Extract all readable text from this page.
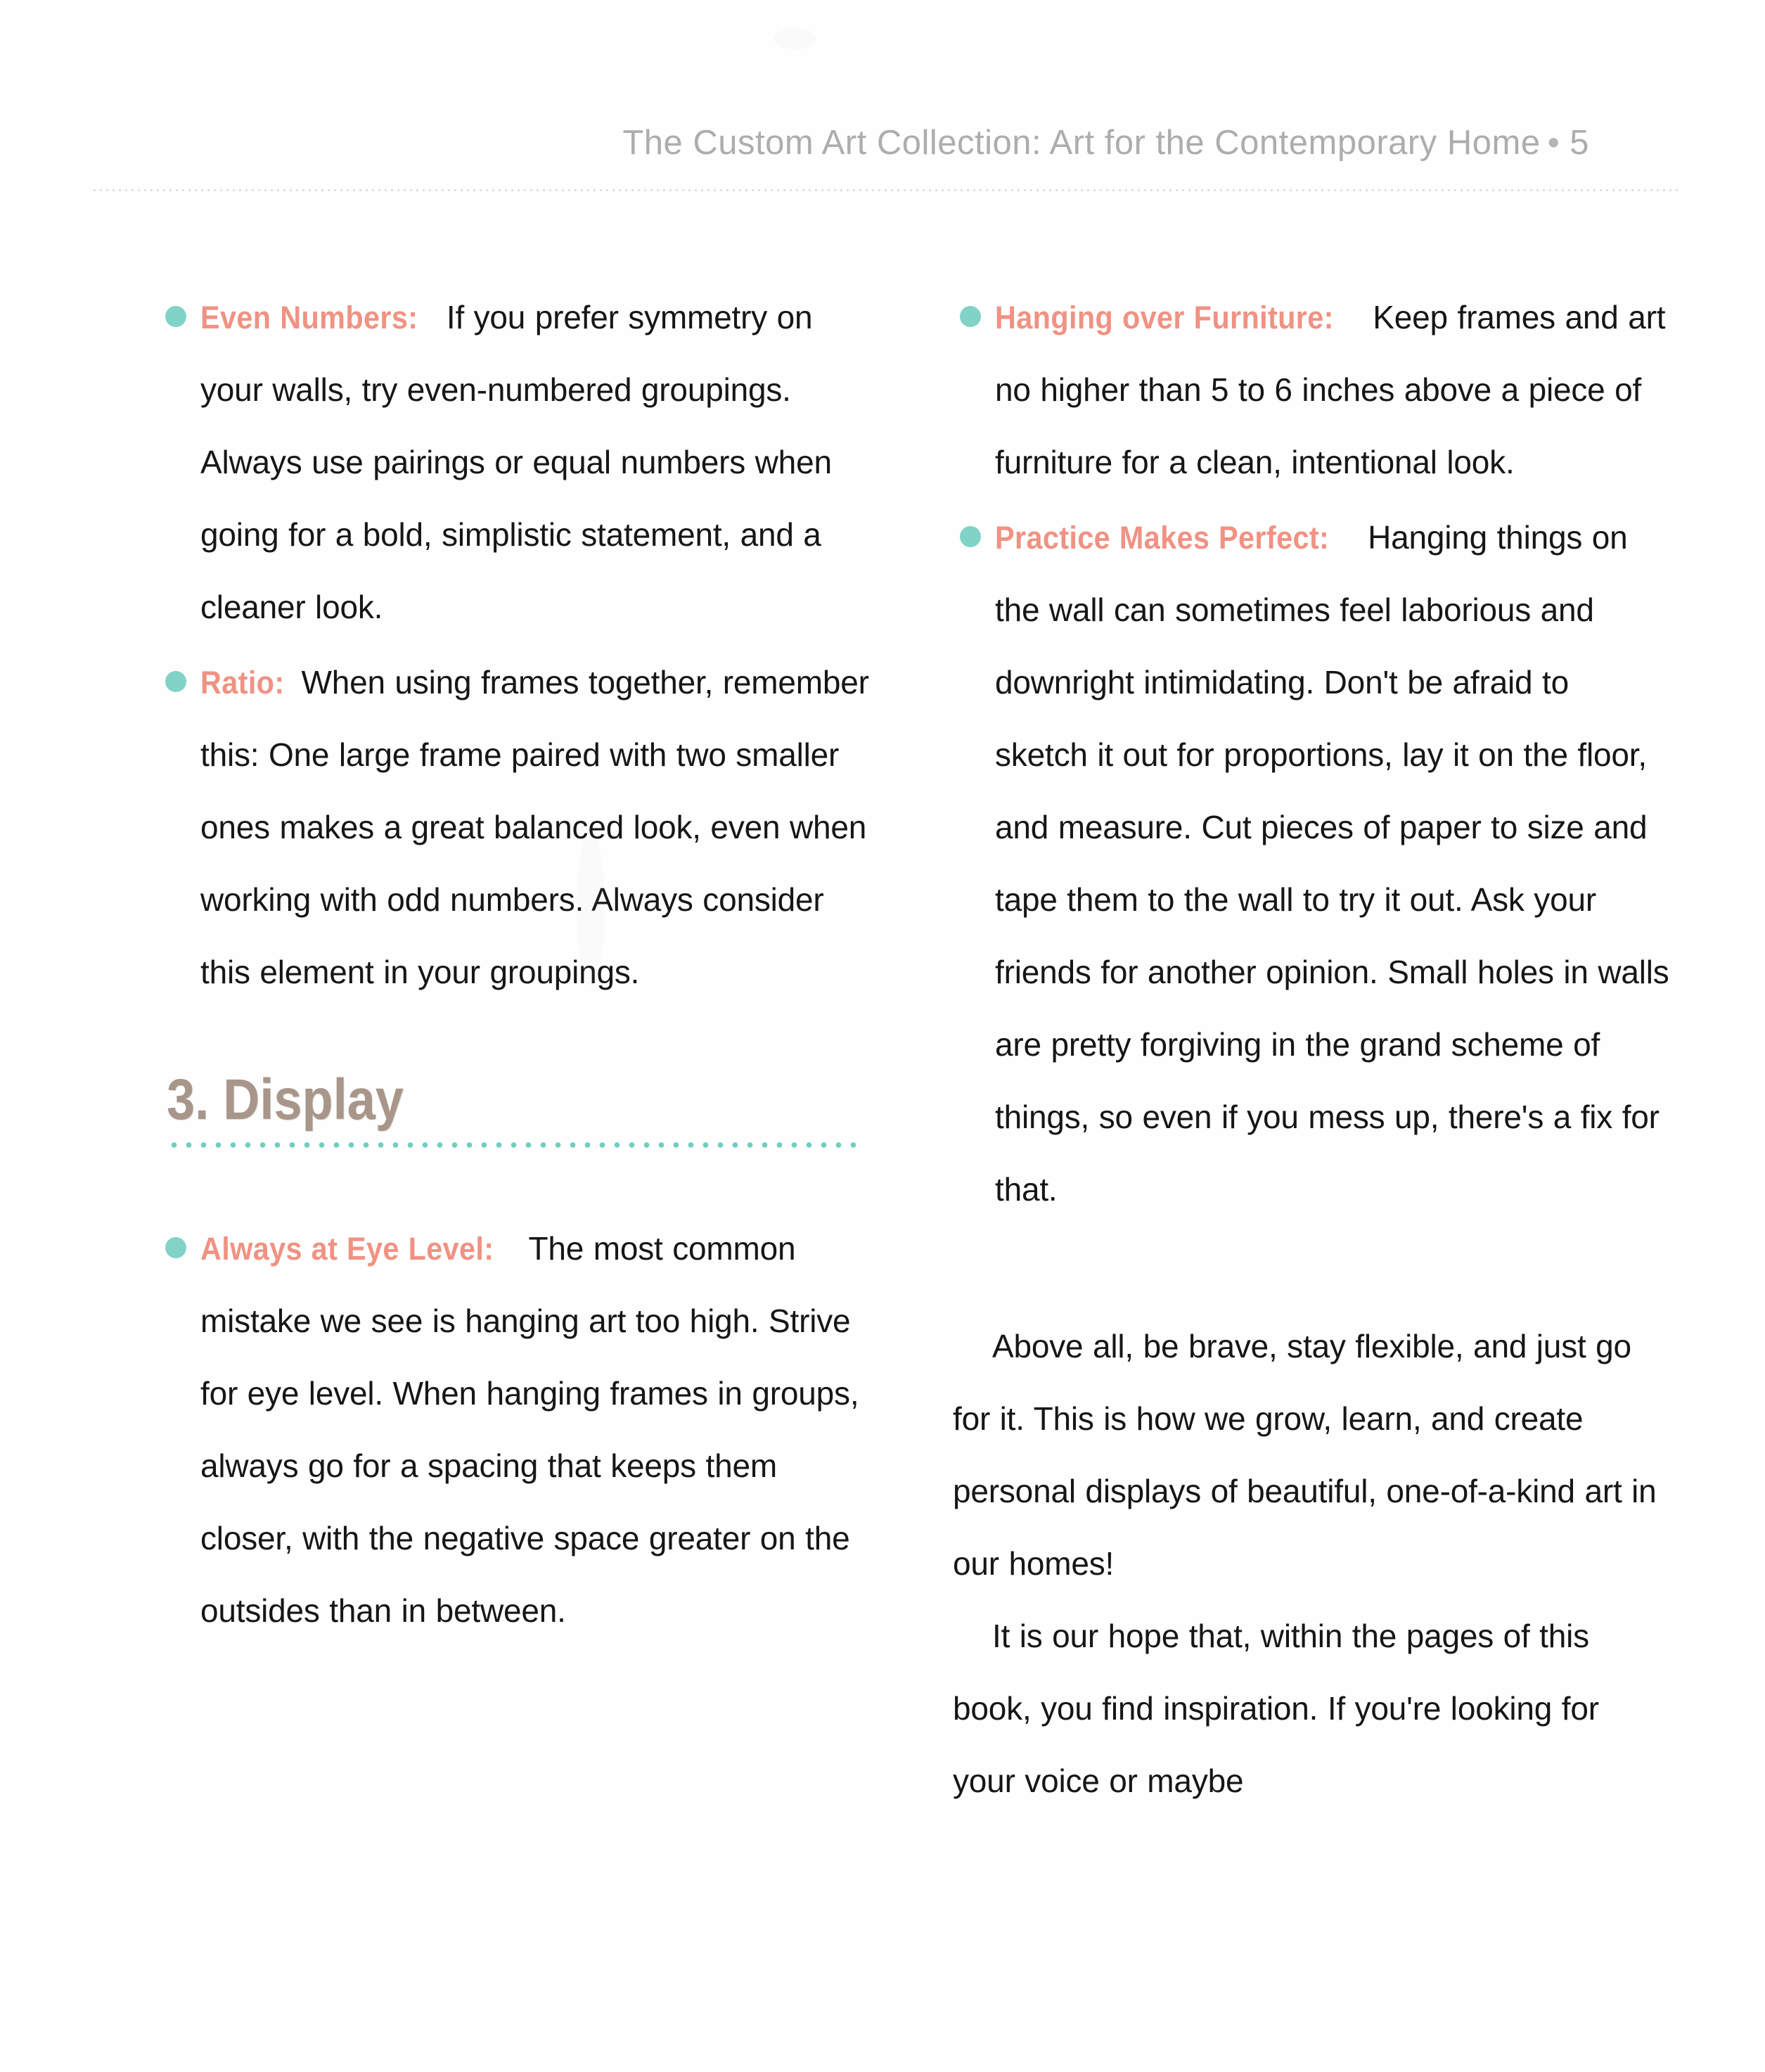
The Custom Art Collection: Art for the Contemporary Home • 5
Even Numbers: If you prefer symmetry on your walls, try even-numbered groupings. Always use pairings or equal numbers when going for a bold, simplistic statement, and a cleaner look.
Ratio: When using frames together, remember this: One large frame paired with two smaller ones makes a great balanced look, even when working with odd numbers. Always consider this element in your groupings.
3. Display
Always at Eye Level: The most common mistake we see is hanging art too high. Strive for eye level. When hanging frames in groups, always go for a spacing that keeps them closer, with the negative space greater on the outsides than in between.
Hanging over Furniture: Keep frames and art no higher than 5 to 6 inches above a piece of furniture for a clean, intentional look.
Practice Makes Perfect: Hanging things on the wall can sometimes feel laborious and downright intimidating. Don't be afraid to sketch it out for proportions, lay it on the floor, and measure. Cut pieces of paper to size and tape them to the wall to try it out. Ask your friends for another opinion. Small holes in walls are pretty forgiving in the grand scheme of things, so even if you mess up, there's a fix for that.

Above all, be brave, stay flexible, and just go for it. This is how we grow, learn, and create personal displays of beautiful, one-of-a-kind art in our homes!

It is our hope that, within the pages of this book, you find inspiration. If you're looking for your voice or maybe
